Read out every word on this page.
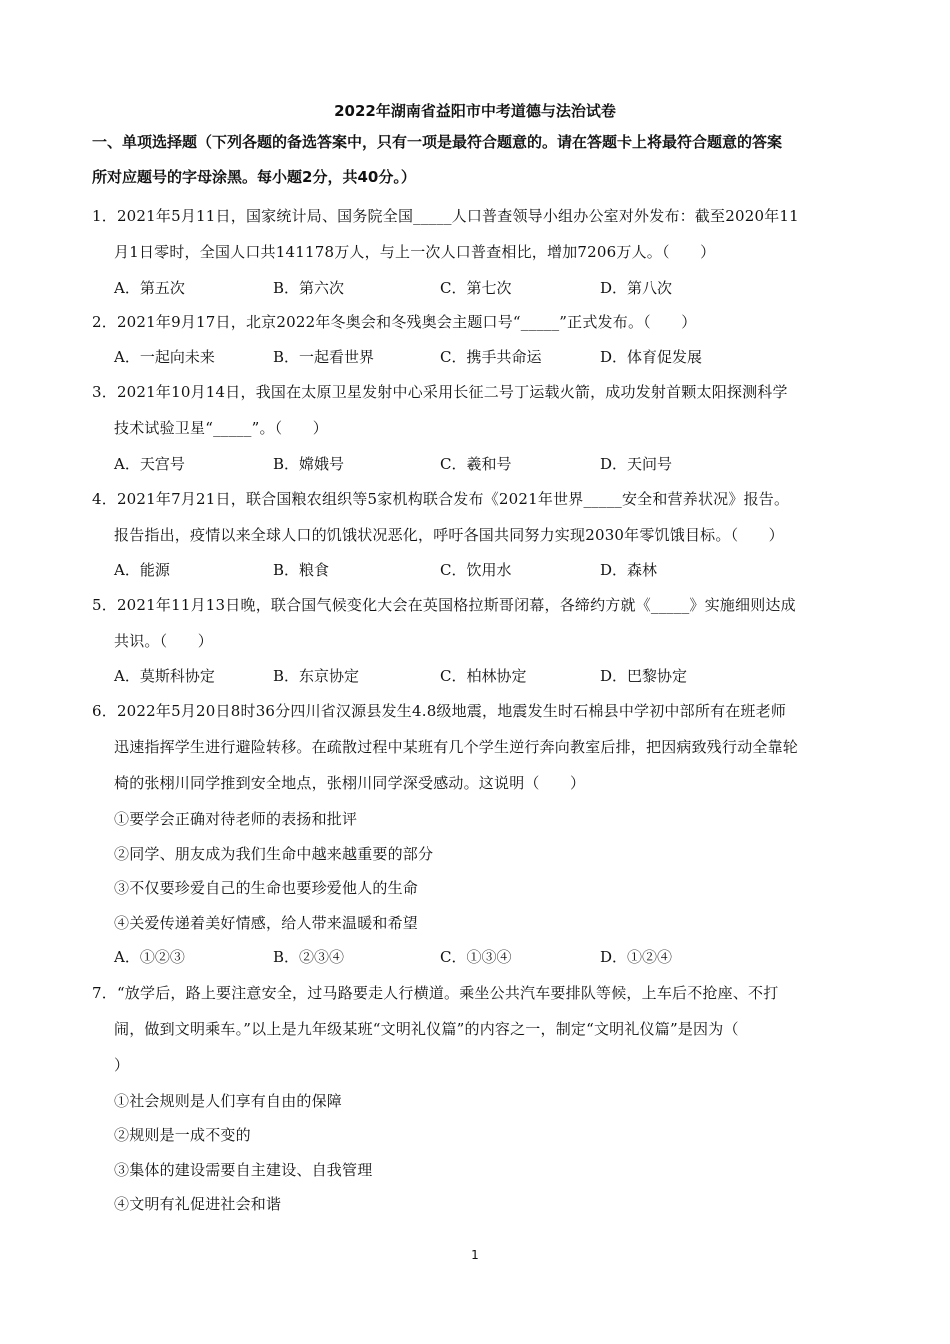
2022年湖南省益阳市中考道德与法治试卷
一、单项选择题（下列各题的备选答案中，只有一项是最符合题意的。请在答题卡上将最符合题意的答案
所对应题号的字母涂黑。每小题2分，共40分。）
1．2021年5月11日，国家统计局、国务院全国_____人口普查领导小组办公室对外发布：截至2020年11
月1日零时，全国人口共141178万人，与上一次人口普查相比，增加7206万人。（　　）
A．第五次	B．第六次	C．第七次	D．第八次
2．2021年9月17日，北京2022年冬奥会和冬残奥会主题口号“_____”正式发布。（　　）
A．一起向未来	B．一起看世界	C．携手共命运	D．体育促发展
3．2021年10月14日，我国在太原卫星发射中心采用长征二号丁运载火箭，成功发射首颗太阳探测科学
技术试验卫星“_____”。（　　）
A．天宫号	B．嫦娥号	C．羲和号	D．天问号
4．2021年7月21日，联合国粮农组织等5家机构联合发布《2021年世界_____安全和营养状况》报告。
报告指出，疫情以来全球人口的饥饿状况恶化，呼吁各国共同努力实现2030年零饥饿目标。（　　）
A．能源	B．粮食	C．饮用水	D．森林
5．2021年11月13日晚，联合国气候变化大会在英国格拉斯哥闭幕，各缔约方就《_____》实施细则达成
共识。（　　）
A．莫斯科协定	B．东京协定	C．柏林协定	D．巴黎协定
6．2022年5月20日8时36分四川省汉源县发生4.8级地震，地震发生时石棉县中学初中部所有在班老师
迅速指挥学生进行避险转移。在疏散过程中某班有几个学生逆行奔向教室后排，把因病致残行动全靠轮
椅的张栩川同学推到安全地点，张栩川同学深受感动。这说明（　　）
①要学会正确对待老师的表扬和批评
②同学、朋友成为我们生命中越来越重要的部分
③不仅要珍爱自己的生命也要珍爱他人的生命
④关爱传递着美好情感，给人带来温暖和希望
A．①②③	B．②③④	C．①③④	D．①②④
7．“放学后，路上要注意安全，过马路要走人行横道。乘坐公共汽车要排队等候，上车后不抢座、不打
闹，做到文明乘车。”以上是九年级某班“文明礼仪篇”的内容之一，制定“文明礼仪篇”是因为（
）
①社会规则是人们享有自由的保障
②规则是一成不变的
③集体的建设需要自主建设、自我管理
④文明有礼促进社会和谐
1
